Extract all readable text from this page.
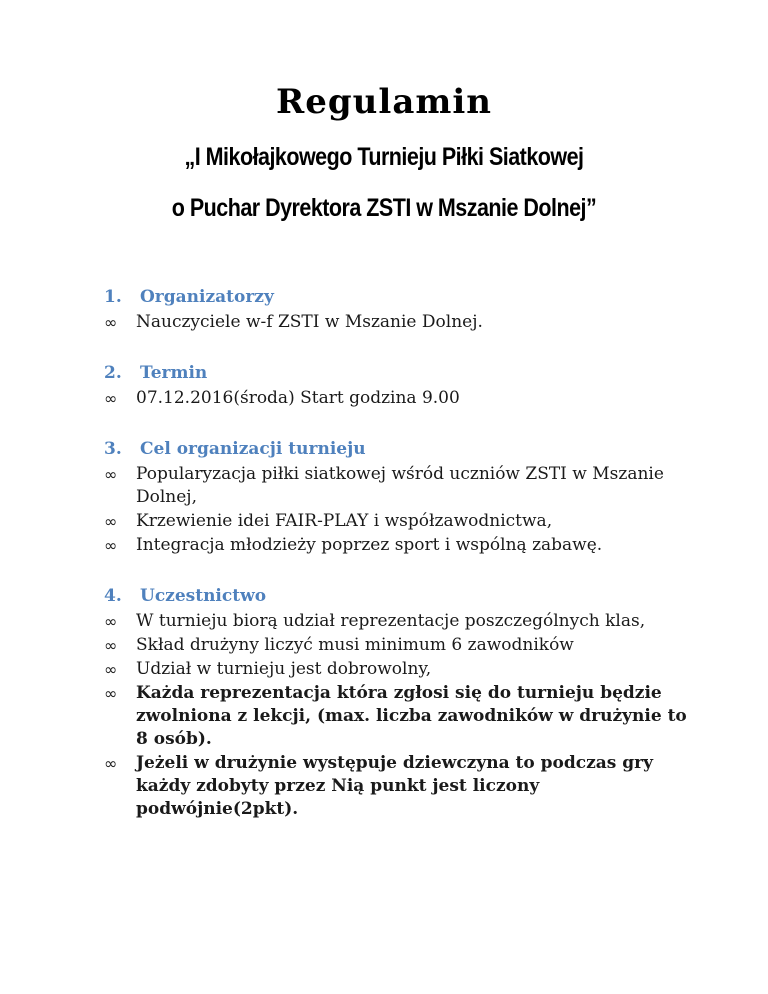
Regulamin
„I Mikołajkowego Turnieju Piłki Siatkowej
o Puchar Dyrektora ZSTI w Mszanie Dolnej”
1.	Organizatorzy
∞	Nauczyciele w-f ZSTI w Mszanie Dolnej.
2.	Termin
∞	07.12.2016(środa) Start godzina 9.00
3.	Cel organizacji turnieju
∞	Popularyzacja piłki siatkowej wśród uczniów ZSTI w Mszanie Dolnej,
∞	Krzewienie idei FAIR-PLAY i współzawodnictwa,
∞	Integracja młodzieży poprzez sport i wspólną zabawę.
4.	Uczestnictwo
∞	W turnieju biorą udział reprezentacje poszczególnych klas,
∞	Skład drużyny liczyć musi minimum 6 zawodników
∞	Udział w turnieju jest dobrowolny,
∞	Każda reprezentacja która zgłosi się do turnieju będzie zwolniona z lekcji, (max. liczba zawodników w drużynie to 8 osób).
∞	Jeżeli w drużynie występuje dziewczyna to podczas gry każdy zdobyty przez Nią punkt jest liczony podwójnie(2pkt).
